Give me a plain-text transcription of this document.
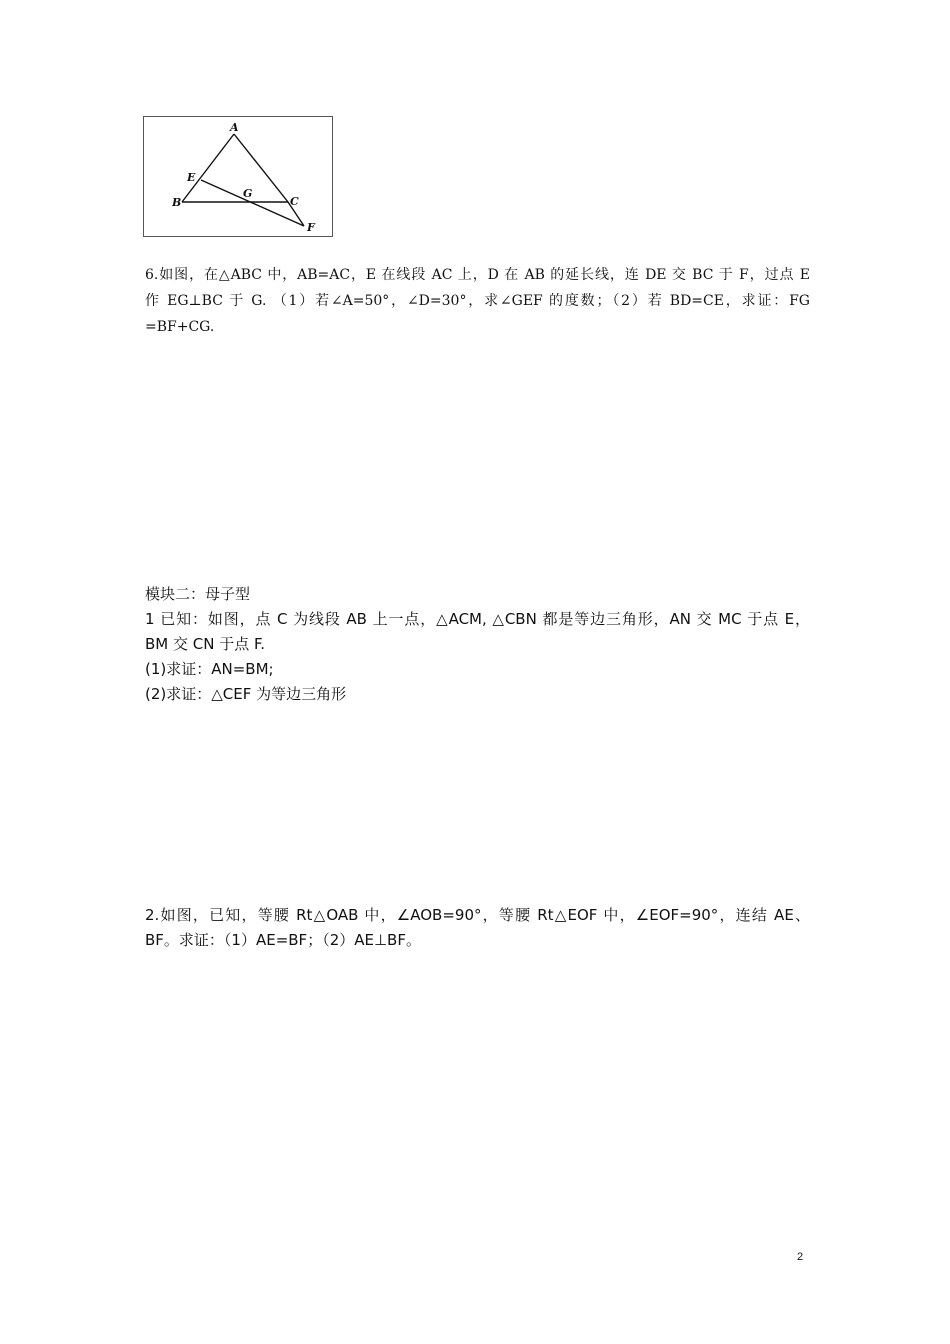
A
E
G
B	C
F
6.如图，在△ABC 中，AB=AC，E 在线段 AC 上，D 在 AB 的延长线，连 DE 交 BC 于 F，过点 E
作 EG⊥BC 于 G. （1）若∠A=50°，∠D=30°，求∠GEF 的度数；（2）若 BD=CE，求证：FG
=BF+CG.
模块二：母子型
1 已知：如图，点 C 为线段 AB 上一点，△ACM, △CBN 都是等边三角形，AN 交 MC 于点 E，
BM 交 CN 于点 F.
(1)求证：AN=BM;
(2)求证：△CEF 为等边三角形
2.如图，已知，等腰 Rt△OAB 中，∠AOB=90°，等腰 Rt△EOF 中，∠EOF=90°，连结 AE、
BF。求证：（1）AE=BF；（2）AE⊥BF。
2
